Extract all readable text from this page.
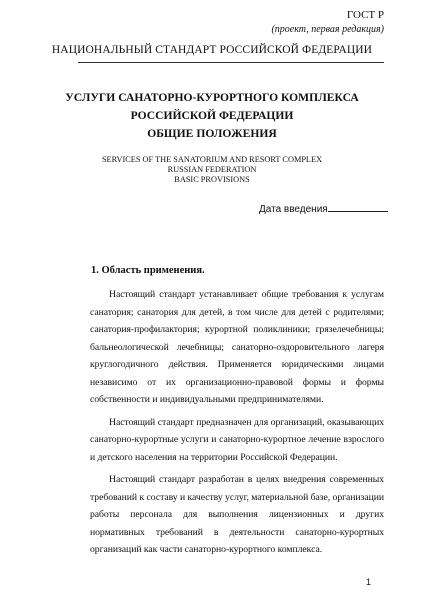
ГОСТ Р
(проект, первая редакция)
НАЦИОНАЛЬНЫЙ СТАНДАРТ РОССИЙСКОЙ ФЕДЕРАЦИИ
УСЛУГИ САНАТОРНО-КУРОРТНОГО КОМПЛЕКСА
РОССИЙСКОЙ ФЕДЕРАЦИИ
ОБЩИЕ ПОЛОЖЕНИЯ
SERVICES OF THE SANATORIUM AND RESORT COMPLEX
RUSSIAN FEDERATION
BASIC PROVISIONS
Дата введения
1. Область применения.

Настоящий стандарт устанавливает общие требования к услугам санатория; санатория для детей, в том числе для детей с родителями; санатория-профилактория; курортной поликлиники; грязелечебницы; бальнеологической лечебницы; санаторно-оздоровительного лагеря круглогодичного действия. Применяется юридическими лицами независимо от их организационно-правовой формы и формы собственности и индивидуальными предпринимателями.

Настоящий стандарт предназначен для организаций, оказывающих санаторно-курортные услуги и санаторно-курортное лечение взрослого и детского населения на территории Российской Федерации.

Настоящий стандарт разработан в целях внедрения современных требований к составу и качеству услуг, материальной базе, организации работы персонала для выполнения лицензионных и других нормативных требований в деятельности санаторно-курортных организаций как части санаторно-курортного комплекса.

1
